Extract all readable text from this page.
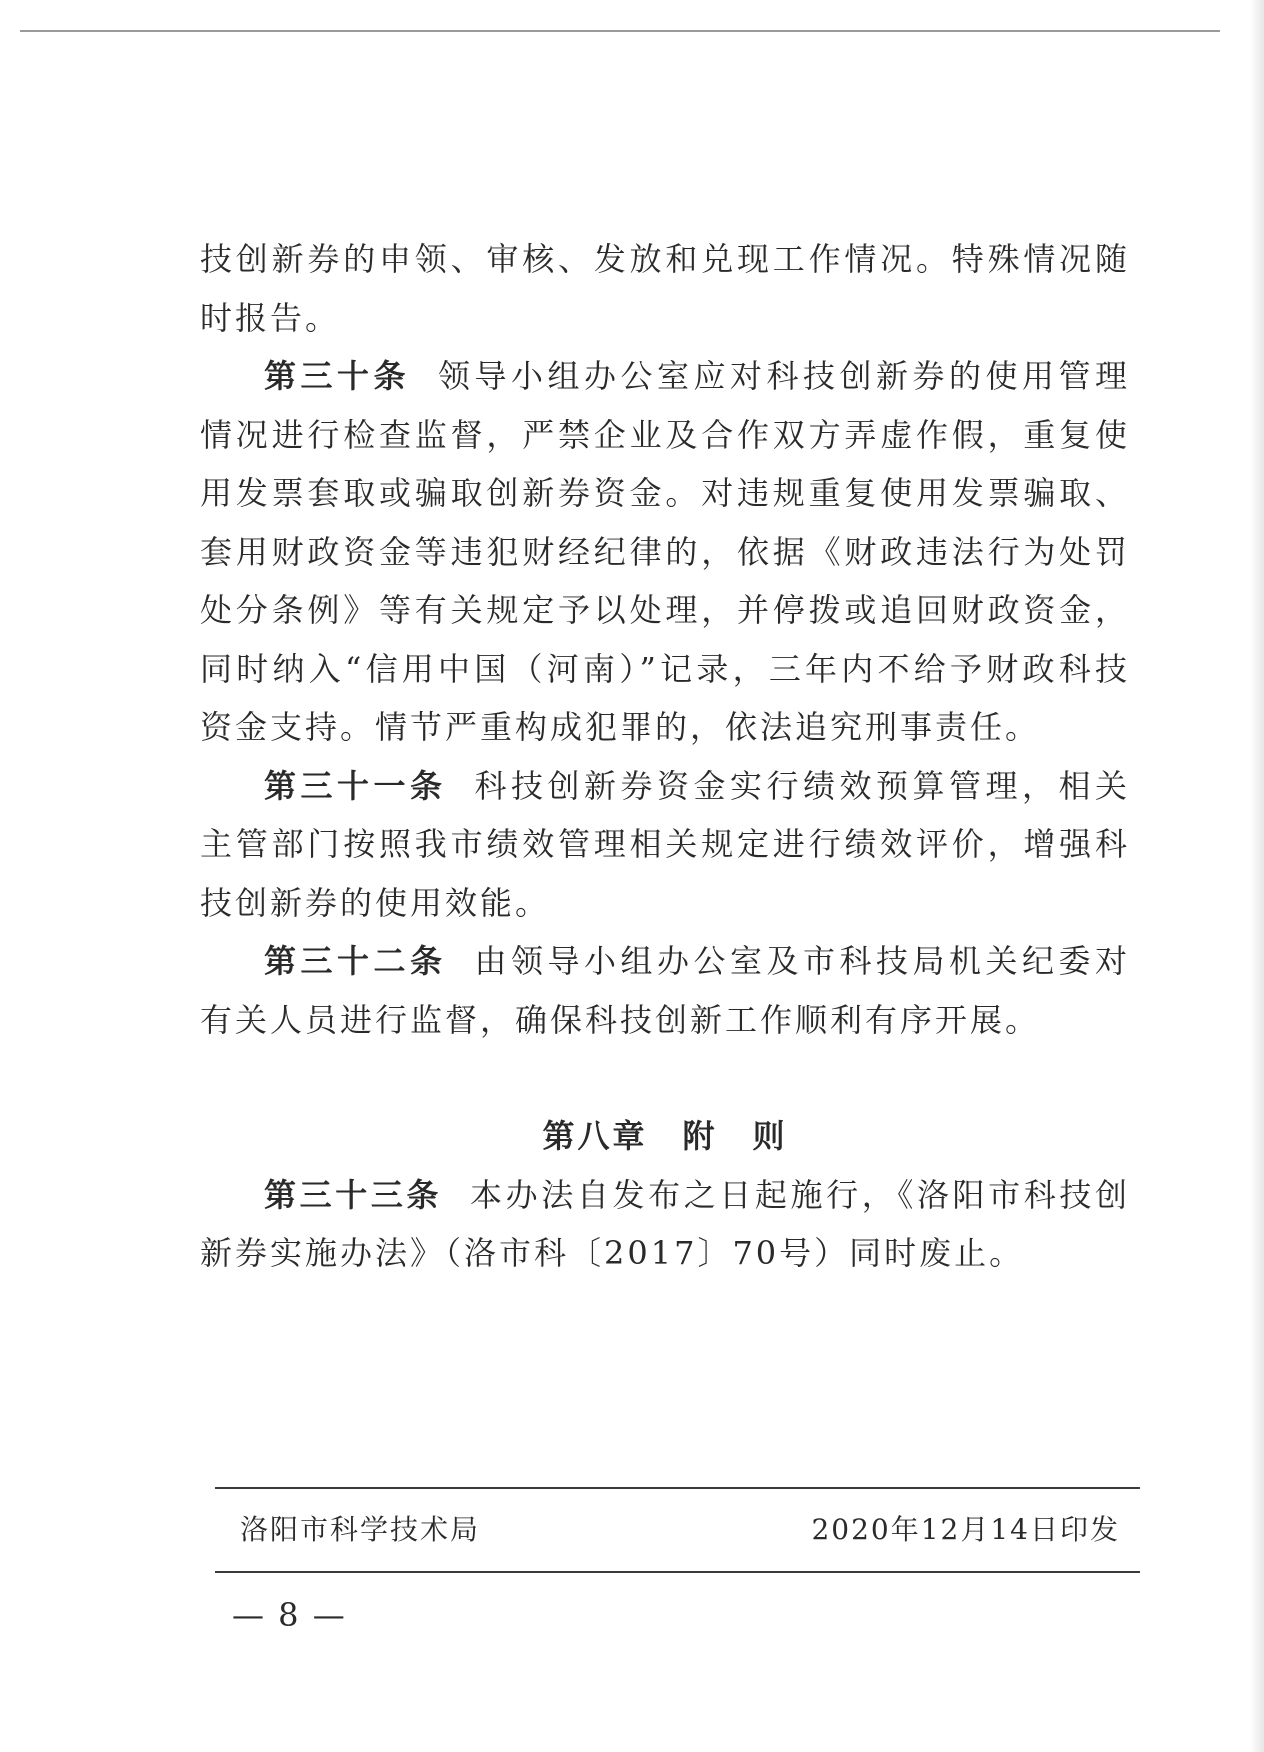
技创新券的申领、审核、发放和兑现工作情况。特殊情况随时报告。

第三十条 领导小组办公室应对科技创新券的使用管理情况进行检查监督，严禁企业及合作双方弄虚作假，重复使用发票套取或骗取创新券资金。对违规重复使用发票骗取、套用财政资金等违犯财经纪律的，依据《财政违法行为处罚处分条例》等有关规定予以处理，并停拨或追回财政资金，同时纳入“信用中国（河南）”记录，三年内不给予财政科技资金支持。情节严重构成犯罪的，依法追究刑事责任。

第三十一条 科技创新券资金实行绩效预算管理，相关主管部门按照我市绩效管理相关规定进行绩效评价，增强科技创新券的使用效能。

第三十二条 由领导小组办公室及市科技局机关纪委对有关人员进行监督，确保科技创新工作顺利有序开展。

第八章　附　则

第三十三条 本办法自发布之日起施行，《洛阳市科技创新券实施办法》（洛市科〔2017〕70号）同时废止。

洛阳市科学技术局	2020年12月14日印发
— 8 —
